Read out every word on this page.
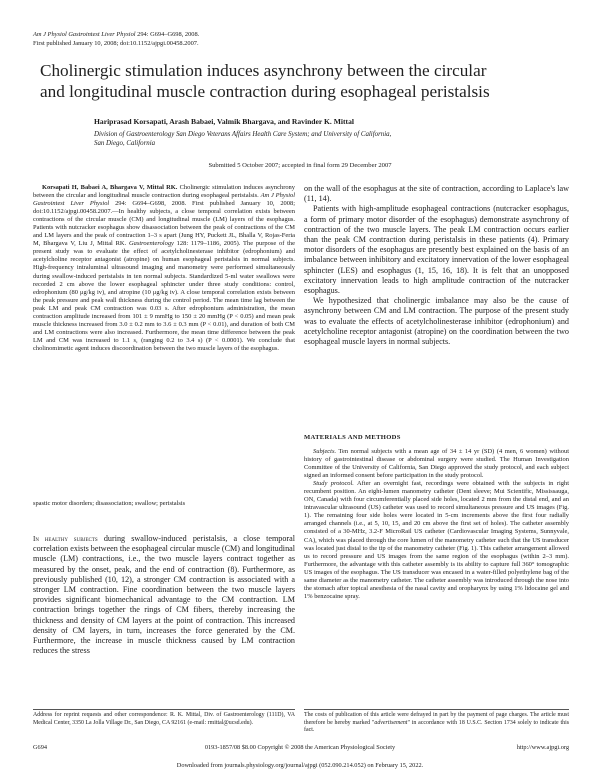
Am J Physiol Gastrointest Liver Physiol 294: G694–G698, 2008.
First published January 10, 2008; doi:10.1152/ajpgi.00458.2007.
Cholinergic stimulation induces asynchrony between the circular
and longitudinal muscle contraction during esophageal peristalsis
Hariprasad Korsapati, Arash Babaei, Valmik Bhargava, and Ravinder K. Mittal
Division of Gastroenterology San Diego Veterans Affairs Health Care System; and University of California,
San Diego, California
Submitted 5 October 2007; accepted in final form 29 December 2007

Korsapati H, Babaei A, Bhargava V, Mittal RK. Cholinergic stimulation induces asynchrony between the circular and longitudinal muscle contraction during esophageal peristalsis. Am J Physiol Gastrointest Liver Physiol 294: G694–G698, 2008. First published January 10, 2008; doi:10.1152/ajpgi.00458.2007.—In healthy subjects, a close temporal correlation exists between contractions of the circular muscle (CM) and longitudinal muscle (LM) layers of the esophagus. Patients with nutcracker esophagus show disassociation between the peak of contractions of the CM and LM layers and the peak of contraction 1–3 s apart (Jung HY, Puckett JL, Bhalla V, Rojas-Feria M, Bhargava V, Liu J, Mittal RK. Gastroenterology 128: 1179–1186, 2005). The purpose of the present study was to evaluate the effect of acetylcholinesterase inhibitor (edrophonium) and acetylcholine receptor antagonist (atropine) on human esophageal peristalsis in normal subjects. High-frequency intraluminal ultrasound imaging and manometry were performed simultaneously during swallow-induced peristalsis in ten normal subjects. Standardized 5-ml water swallows were recorded 2 cm above the lower esophageal sphincter under three study conditions: control, edrophonium (80 μg/kg iv), and atropine (10 μg/kg iv). A close temporal correlation exists between the peak pressure and peak wall thickness during the control period. The mean time lag between the peak LM and peak CM contraction was 0.03 s. After edrophonium administration, the mean contraction amplitude increased from 101 ± 9 mmHg to 150 ± 20 mmHg (P < 0.05) and mean peak muscle thickness increased from 3.0 ± 0.2 mm to 3.6 ± 0.3 mm (P < 0.01), and duration of both CM and LM contractions were also increased. Furthermore, the mean time difference between the peak LM and CM was increased to 1.1 s, (ranging 0.2 to 3.4 s) (P < 0.0001). We conclude that cholinomimetic agent induces discoordination between the two muscle layers of the esophagus.

spastic motor disorders; disassociation; swallow; peristalsis

In healthy subjects during swallow-induced peristalsis, a close temporal correlation exists between the esophageal circular muscle (CM) and longitudinal muscle (LM) contractions, i.e., the two muscle layers contract together as measured by the onset, peak, and the end of contraction (8). Furthermore, as previously published (10, 12), a stronger CM contraction is associated with a stronger LM contraction. Fine coordination between the two muscle layers provides significant biomechanical advantage to the CM contraction. LM contraction brings together the rings of CM fibers, thereby increasing the thickness and density of CM layers at the point of contraction. This increased density of CM layers, in turn, increases the force generated by the CM. Furthermore, the increase in muscle thickness caused by LM contraction reduces the stress

on the wall of the esophagus at the site of contraction, according to Laplace's law (11, 14).

Patients with high-amplitude esophageal contractions (nutcracker esophagus, a form of primary motor disorder of the esophagus) demonstrate asynchrony of contraction of the two muscle layers. The peak LM contraction occurs earlier than the peak CM contraction during peristalsis in these patients (4). Primary motor disorders of the esophagus are presently best explained on the basis of an imbalance between inhibitory and excitatory innervation of the lower esophageal sphincter (LES) and esophagus (1, 15, 16, 18). It is felt that an unopposed excitatory innervation leads to high amplitude contraction of the nutcracker esophagus.

We hypothesized that cholinergic imbalance may also be the cause of asynchrony between CM and LM contraction. The purpose of the present study was to evaluate the effects of acetylcholinesterase inhibitor (edrophonium) and acetylcholine receptor antagonist (atropine) on the coordination between the two esophageal muscle layers in normal subjects.

MATERIALS AND METHODS

Subjects. Ten normal subjects with a mean age of 34 ± 14 yr (SD) (4 men, 6 women) without history of gastrointestinal disease or abdominal surgery were studied. The Human Investigation Committee of the University of California, San Diego approved the study protocol, and each subject signed an informed consent before participation in the study protocol.

Study protocol. After an overnight fast, recordings were obtained with the subjects in right recumbent position. An eight-lumen manometry catheter (Dent sleeve; Mui Scientific, Mississauga, ON, Canada) with four circumferentially placed side holes, located 2 mm from the distal end, and an intravascular ultrasound (US) catheter was used to record simultaneous pressure and US images (Fig. 1). The remaining four side holes were located in 5-cm increments above the first four radially arranged channels (i.e., at 5, 10, 15, and 20 cm above the first set of holes). The catheter assembly consisted of a 30-MHz, 3.2-F MicroRail US catheter (Cardiovascular Imaging Systems, Sunnyvale, CA), which was placed through the core lumen of the manometry catheter such that the US transducer was located just distal to the tip of the manometry catheter (Fig. 1). This catheter arrangement allowed us to record pressure and US images from the same region of the esophagus (within 2–3 mm). Furthermore, the advantage with this catheter assembly is its ability to capture full 360° tomographic US images of the esophagus. The US transducer was encased in a water-filled polyethylene bag of the same diameter as the manometry catheter. The catheter assembly was introduced through the nose into the stomach after topical anesthesia of the nasal cavity and oropharynx by using 1% lidocaine gel and 1% benzocaine spray.

Address for reprint requests and other correspondence: R. K. Mittal, Div. of Gastroenterology (111D), VA Medical Center, 3350 La Jolla Village Dr., San Diego, CA 92161 (e-mail: rmittal@ucsd.edu).
The costs of publication of this article were defrayed in part by the payment of page charges. The article must therefore be hereby marked "advertisement" in accordance with 18 U.S.C. Section 1734 solely to indicate this fact.
G694	0193-1857/08 $8.00 Copyright © 2008 the American Physiological Society	http://www.ajpgi.org
Downloaded from journals.physiology.org/journal/ajpgi (052.090.214.052) on February 15, 2022.
